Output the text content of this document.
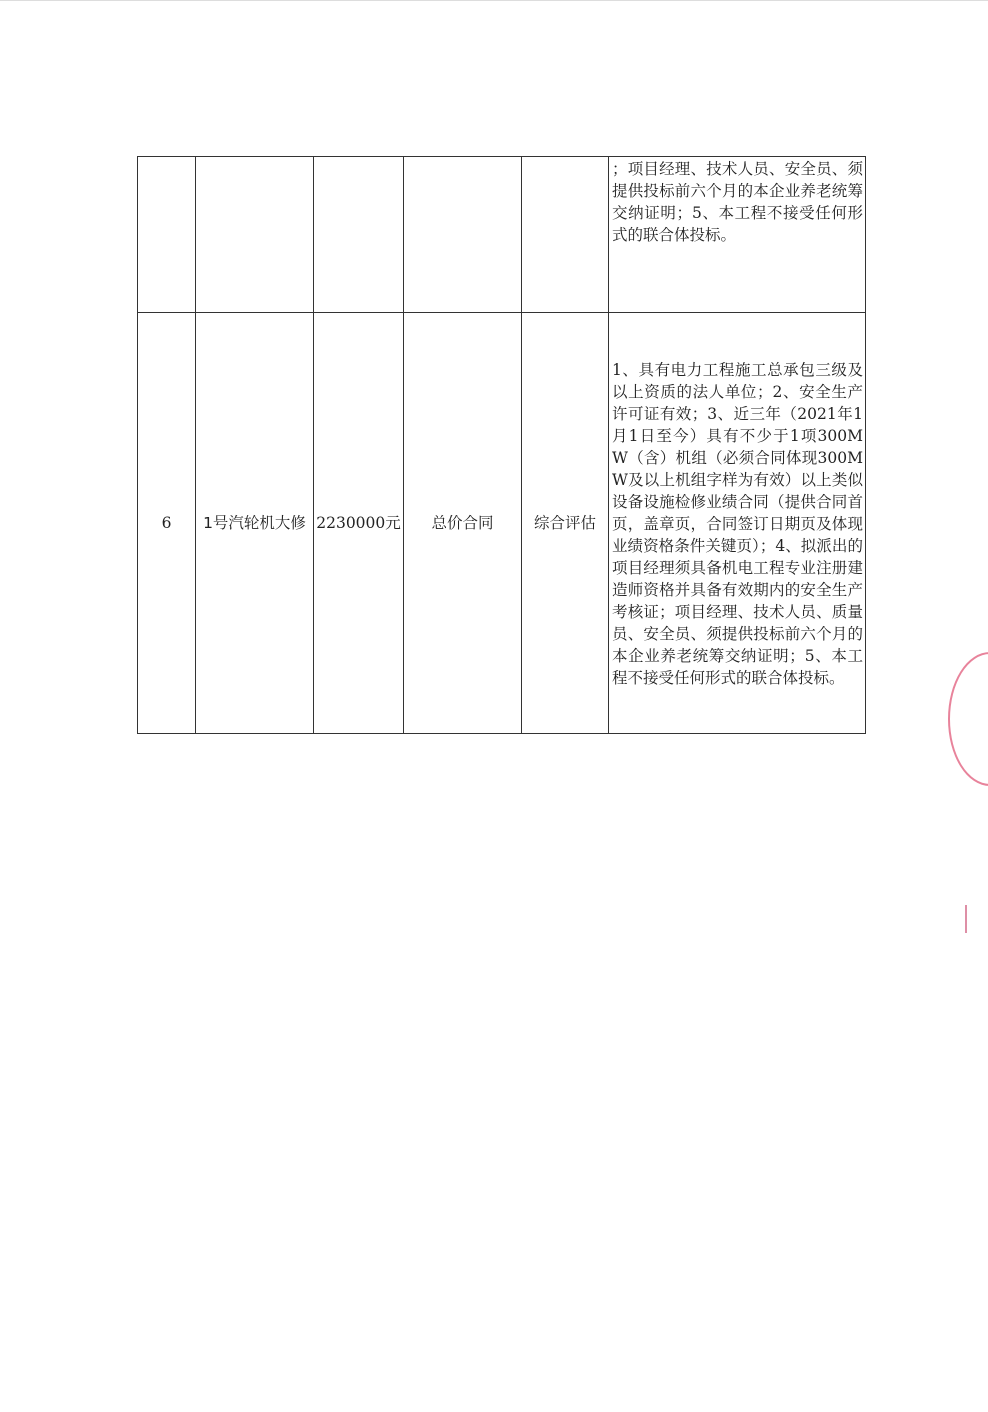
					；项目经理、技术人员、安全员、须提供投标前六个月的本企业养老统筹交纳证明；5、本工程不接受任何形式的联合体投标。

6	1号汽轮机大修	2230000元	总价合同	综合评估	1、具有电力工程施工总承包三级及以上资质的法人单位；2、安全生产许可证有效；3、近三年（2021年1月1日至今）具有不少于1项300MW（含）机组（必须合同体现300MW及以上机组字样为有效）以上类似设备设施检修业绩合同（提供合同首页，盖章页，合同签订日期页及体现业绩资格条件关键页）；4、拟派出的项目经理须具备机电工程专业注册建造师资格并具备有效期内的安全生产考核证；项目经理、技术人员、质量员、安全员、须提供投标前六个月的本企业养老统筹交纳证明；5、本工程不接受任何形式的联合体投标。
